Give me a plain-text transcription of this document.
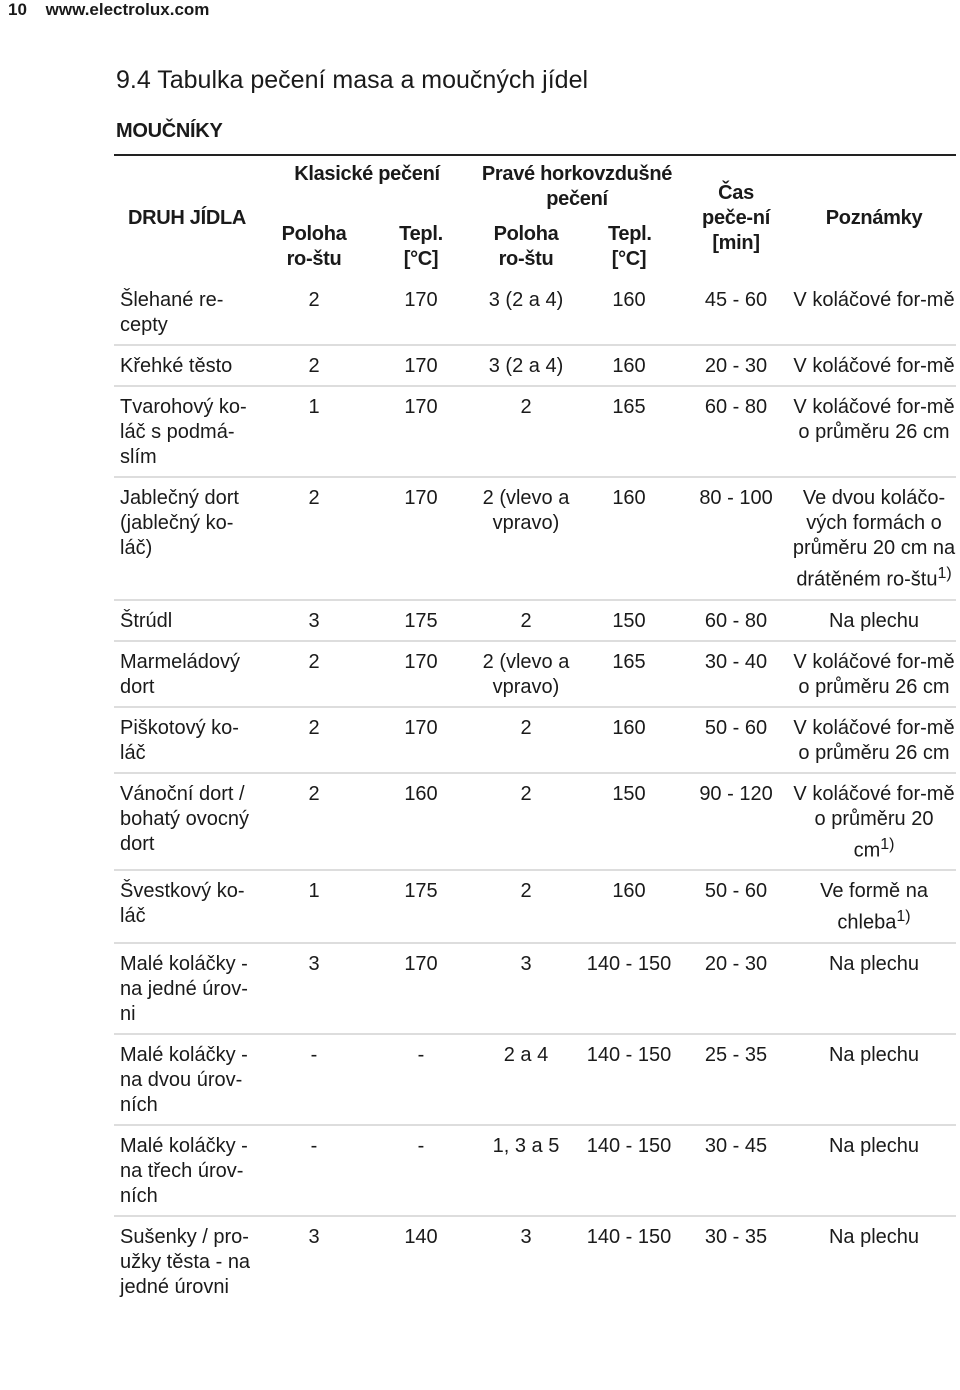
10 www.electrolux.com
9.4 Tabulka pečení masa a moučných jídel
MOUČNÍKY
DRUH JÍDLA	Klasické pečení		Pravé horkovzdušné pečení		Čas peče-ní [min]	Poznámky
	Poloha ro-štu	Tepl. [°C]	Poloha ro-štu	Tepl. [°C]		
Šlehané re-cepty	2	170	3 (2 a 4)	160	45 - 60	V koláčové for-mě
Křehké těsto	2	170	3 (2 a 4)	160	20 - 30	V koláčové for-mě
Tvarohový ko-láč s podmá-slím	1	170	2	165	60 - 80	V koláčové for-mě o průměru 26 cm
Jablečný dort (jablečný ko-láč)	2	170	2 (vlevo a vpravo)	160	80 - 100	Ve dvou koláčo-vých formách o průměru 20 cm na drátěném ro-štu$^{1)}$
Štrúdl	3	175	2	150	60 - 80	Na plechu
Marmeládový dort	2	170	2 (vlevo a vpravo)	165	30 - 40	V koláčové for-mě o průměru 26 cm
Piškotový ko-láč	2	170	2	160	50 - 60	V koláčové for-mě o průměru 26 cm
Vánoční dort / bohatý ovocný dort	2	160	2	150	90 - 120	V koláčové for-mě o průměru 20 cm$^{1)}$
Švestkový ko-láč	1	175	2	160	50 - 60	Ve formě na chleba$^{1)}$
Malé koláčky - na jedné úrov-ni	3	170	3	140 - 150	20 - 30	Na plechu
Malé koláčky - na dvou úrov-ních	-	-	2 a 4	140 - 150	25 - 35	Na plechu
Malé koláčky - na třech úrov-ních	-	-	1, 3 a 5	140 - 150	30 - 45	Na plechu
Sušenky / pro-užky těsta - na jedné úrovni	3	140	3	140 - 150	30 - 35	Na plechu
